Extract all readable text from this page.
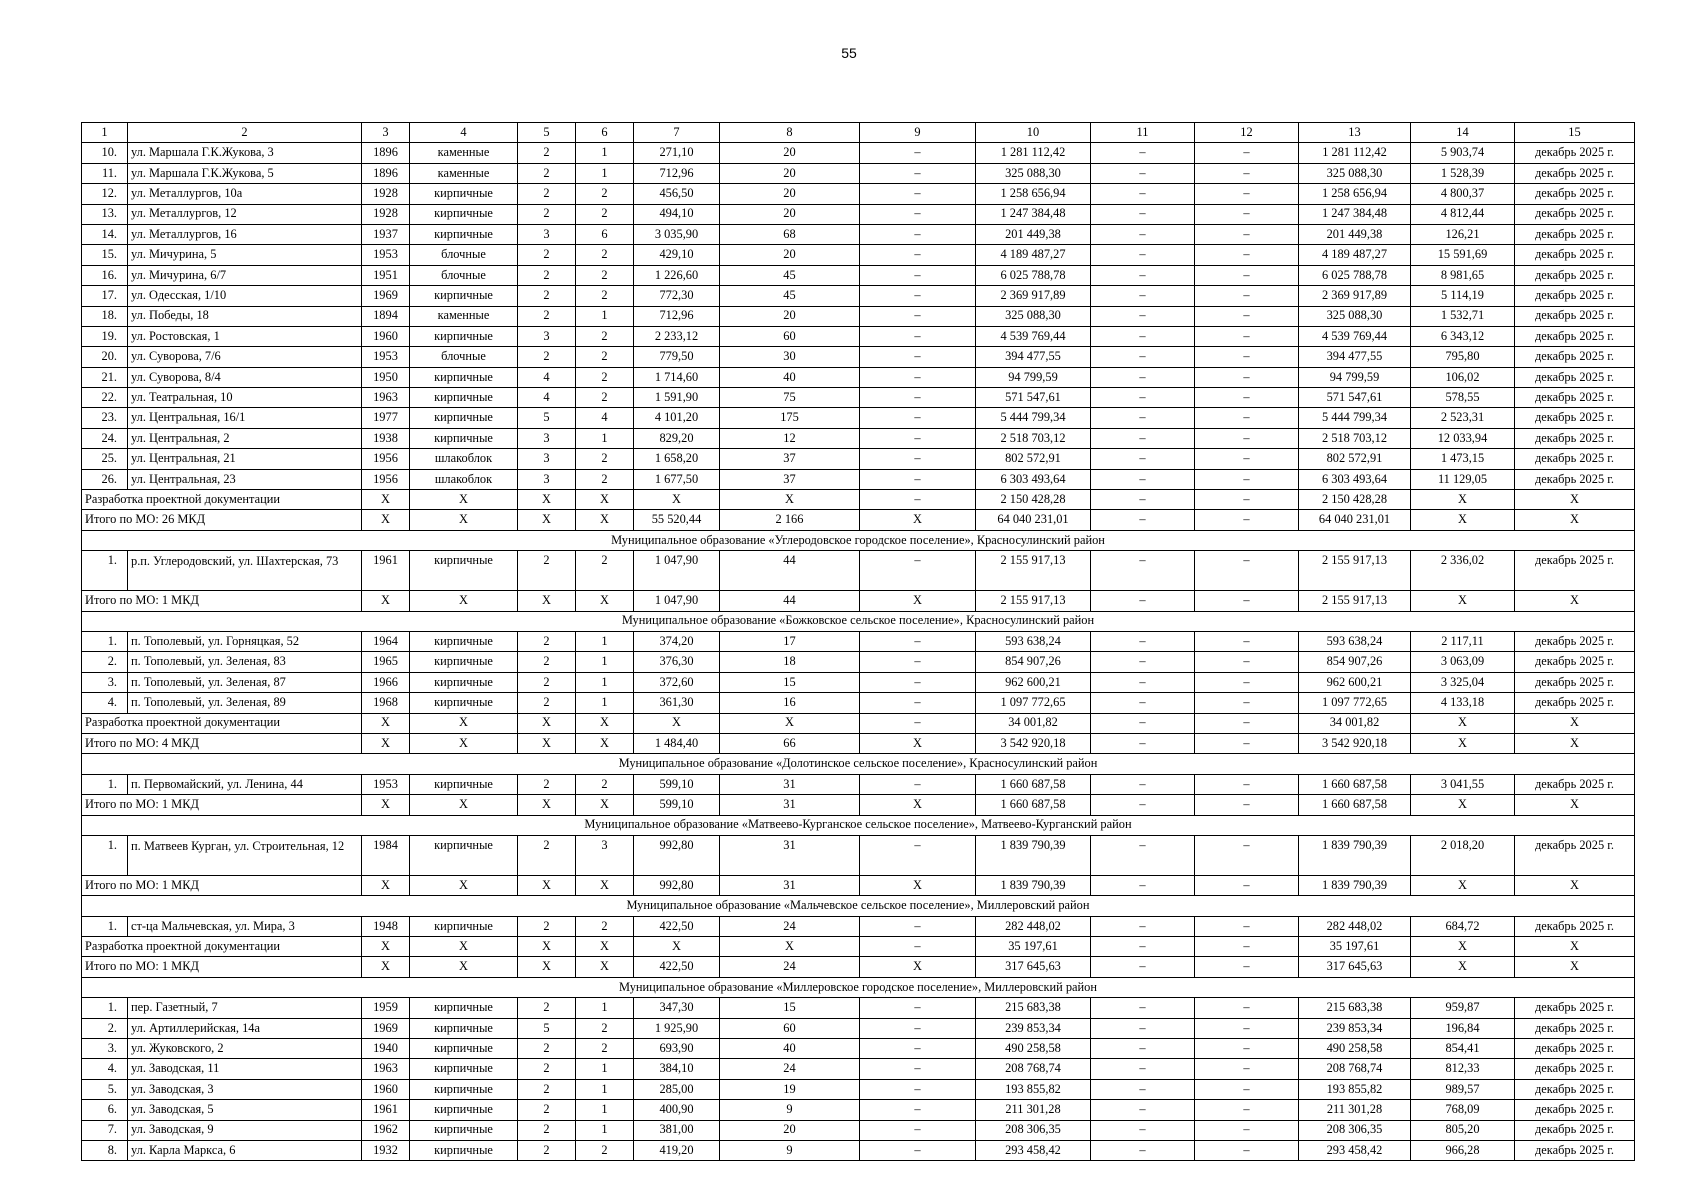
55
1	2	3	4	5	6	7	8	9	10	11	12	13	14	15
10.	ул. Маршала Г.К.Жукова, 3	1896	каменные	2	1	271,10	20	–	1 281 112,42	–	–	1 281 112,42	5 903,74	декабрь 2025 г.
11.	ул. Маршала Г.К.Жукова, 5	1896	каменные	2	1	712,96	20	–	325 088,30	–	–	325 088,30	1 528,39	декабрь 2025 г.
12.	ул. Металлургов, 10а	1928	кирпичные	2	2	456,50	20	–	1 258 656,94	–	–	1 258 656,94	4 800,37	декабрь 2025 г.
13.	ул. Металлургов, 12	1928	кирпичные	2	2	494,10	20	–	1 247 384,48	–	–	1 247 384,48	4 812,44	декабрь 2025 г.
14.	ул. Металлургов, 16	1937	кирпичные	3	6	3 035,90	68	–	201 449,38	–	–	201 449,38	126,21	декабрь 2025 г.
15.	ул. Мичурина, 5	1953	блочные	2	2	429,10	20	–	4 189 487,27	–	–	4 189 487,27	15 591,69	декабрь 2025 г.
16.	ул. Мичурина, 6/7	1951	блочные	2	2	1 226,60	45	–	6 025 788,78	–	–	6 025 788,78	8 981,65	декабрь 2025 г.
17.	ул. Одесская, 1/10	1969	кирпичные	2	2	772,30	45	–	2 369 917,89	–	–	2 369 917,89	5 114,19	декабрь 2025 г.
18.	ул. Победы, 18	1894	каменные	2	1	712,96	20	–	325 088,30	–	–	325 088,30	1 532,71	декабрь 2025 г.
19.	ул. Ростовская, 1	1960	кирпичные	3	2	2 233,12	60	–	4 539 769,44	–	–	4 539 769,44	6 343,12	декабрь 2025 г.
20.	ул. Суворова, 7/6	1953	блочные	2	2	779,50	30	–	394 477,55	–	–	394 477,55	795,80	декабрь 2025 г.
21.	ул. Суворова, 8/4	1950	кирпичные	4	2	1 714,60	40	–	94 799,59	–	–	94 799,59	106,02	декабрь 2025 г.
22.	ул. Театральная, 10	1963	кирпичные	4	2	1 591,90	75	–	571 547,61	–	–	571 547,61	578,55	декабрь 2025 г.
23.	ул. Центральная, 16/1	1977	кирпичные	5	4	4 101,20	175	–	5 444 799,34	–	–	5 444 799,34	2 523,31	декабрь 2025 г.
24.	ул. Центральная, 2	1938	кирпичные	3	1	829,20	12	–	2 518 703,12	–	–	2 518 703,12	12 033,94	декабрь 2025 г.
25.	ул. Центральная, 21	1956	шлакоблок	3	2	1 658,20	37	–	802 572,91	–	–	802 572,91	1 473,15	декабрь 2025 г.
26.	ул. Центральная, 23	1956	шлакоблок	3	2	1 677,50	37	–	6 303 493,64	–	–	6 303 493,64	11 129,05	декабрь 2025 г.
Разработка проектной документации		X	X	X	X	X	X	–	2 150 428,28	–	–	2 150 428,28	X	X
Итого по МО: 26 МКД		X	X	X	X	55 520,44	2 166	X	64 040 231,01	–	–	64 040 231,01	X	X
Муниципальное образование «Углеродовское городское поселение», Красносулинский район														
1.	р.п. Углеродовский, ул. Шахтерская, 73	1961	кирпичные	2	2	1 047,90	44	–	2 155 917,13	–	–	2 155 917,13	2 336,02	декабрь 2025 г.
Итого по МО: 1 МКД		X	X	X	X	1 047,90	44	X	2 155 917,13	–	–	2 155 917,13	X	X
Муниципальное образование «Божковское сельское поселение», Красносулинский район														
1.	п. Тополевый, ул. Горняцкая, 52	1964	кирпичные	2	1	374,20	17	–	593 638,24	–	–	593 638,24	2 117,11	декабрь 2025 г.
2.	п. Тополевый, ул. Зеленая, 83	1965	кирпичные	2	1	376,30	18	–	854 907,26	–	–	854 907,26	3 063,09	декабрь 2025 г.
3.	п. Тополевый, ул. Зеленая, 87	1966	кирпичные	2	1	372,60	15	–	962 600,21	–	–	962 600,21	3 325,04	декабрь 2025 г.
4.	п. Тополевый, ул. Зеленая, 89	1968	кирпичные	2	1	361,30	16	–	1 097 772,65	–	–	1 097 772,65	4 133,18	декабрь 2025 г.
Разработка проектной документации		X	X	X	X	X	X	–	34 001,82	–	–	34 001,82	X	X
Итого по МО: 4 МКД		X	X	X	X	1 484,40	66	X	3 542 920,18	–	–	3 542 920,18	X	X
Муниципальное образование «Долотинское сельское поселение», Красносулинский район														
1.	п. Первомайский, ул. Ленина, 44	1953	кирпичные	2	2	599,10	31	–	1 660 687,58	–	–	1 660 687,58	3 041,55	декабрь 2025 г.
Итого по МО: 1 МКД		X	X	X	X	599,10	31	X	1 660 687,58	–	–	1 660 687,58	X	X
Муниципальное образование «Матвеево-Курганское сельское поселение», Матвеево-Курганский район														
1.	п. Матвеев Курган, ул. Строительная, 12	1984	кирпичные	2	3	992,80	31	–	1 839 790,39	–	–	1 839 790,39	2 018,20	декабрь 2025 г.
Итого по МО: 1 МКД		X	X	X	X	992,80	31	X	1 839 790,39	–	–	1 839 790,39	X	X
Муниципальное образование «Мальчевское сельское поселение», Миллеровский район														
1.	ст-ца Мальчевская, ул. Мира, 3	1948	кирпичные	2	2	422,50	24	–	282 448,02	–	–	282 448,02	684,72	декабрь 2025 г.
Разработка проектной документации		X	X	X	X	X	X	–	35 197,61	–	–	35 197,61	X	X
Итого по МО: 1 МКД		X	X	X	X	422,50	24	X	317 645,63	–	–	317 645,63	X	X
Муниципальное образование «Миллеровское городское поселение», Миллеровский район														
1.	пер. Газетный, 7	1959	кирпичные	2	1	347,30	15	–	215 683,38	–	–	215 683,38	959,87	декабрь 2025 г.
2.	ул. Артиллерийская, 14а	1969	кирпичные	5	2	1 925,90	60	–	239 853,34	–	–	239 853,34	196,84	декабрь 2025 г.
3.	ул. Жуковского, 2	1940	кирпичные	2	2	693,90	40	–	490 258,58	–	–	490 258,58	854,41	декабрь 2025 г.
4.	ул. Заводская, 11	1963	кирпичные	2	1	384,10	24	–	208 768,74	–	–	208 768,74	812,33	декабрь 2025 г.
5.	ул. Заводская, 3	1960	кирпичные	2	1	285,00	19	–	193 855,82	–	–	193 855,82	989,57	декабрь 2025 г.
6.	ул. Заводская, 5	1961	кирпичные	2	1	400,90	9	–	211 301,28	–	–	211 301,28	768,09	декабрь 2025 г.
7.	ул. Заводская, 9	1962	кирпичные	2	1	381,00	20	–	208 306,35	–	–	208 306,35	805,20	декабрь 2025 г.
8.	ул. Карла Маркса, 6	1932	кирпичные	2	2	419,20	9	–	293 458,42	–	–	293 458,42	966,28	декабрь 2025 г.
